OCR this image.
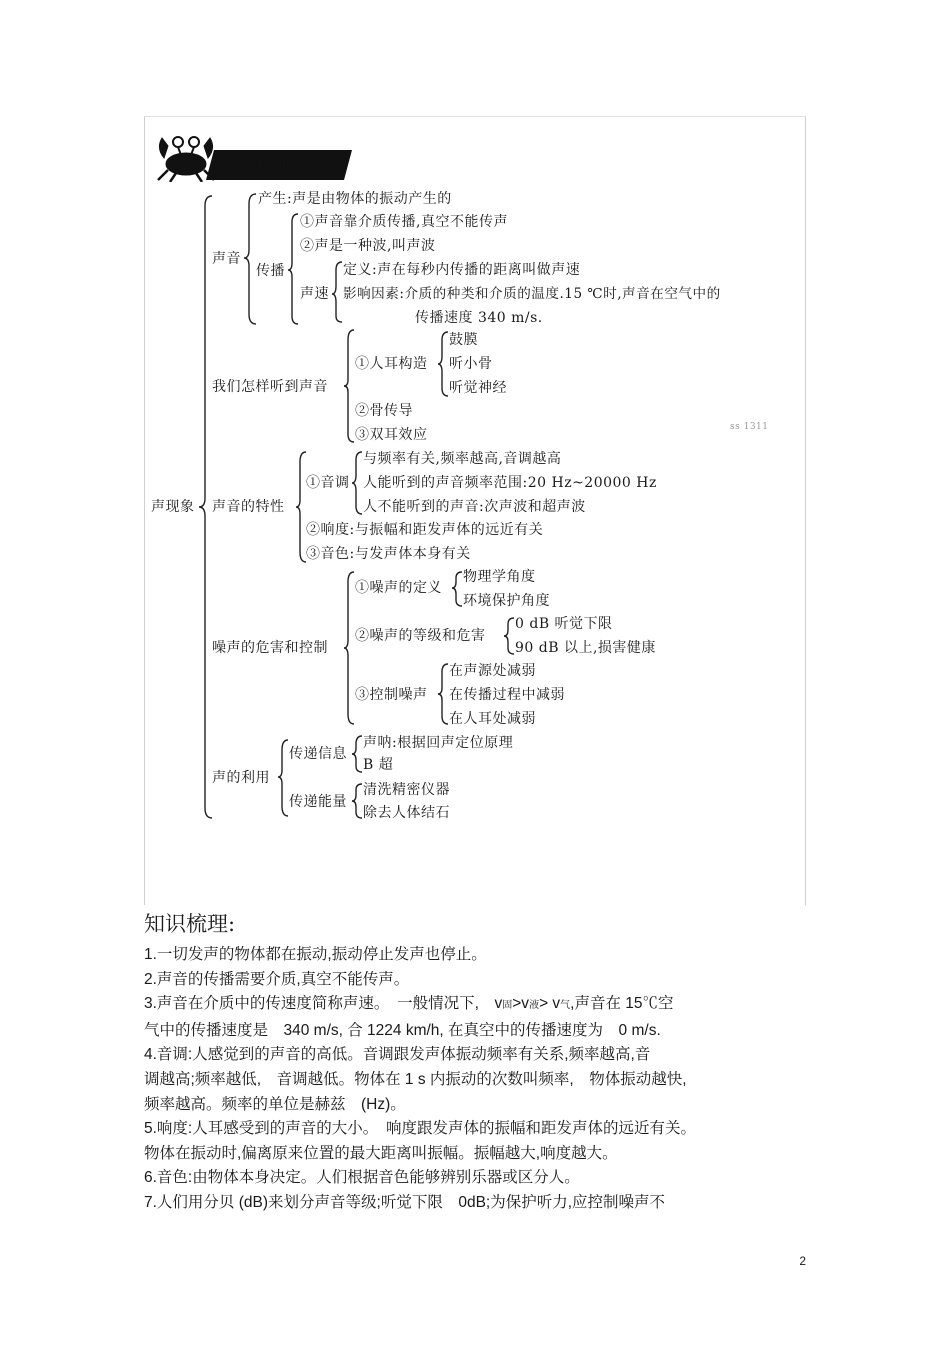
知识网络
声现象
声音
产生:声是由物体的振动产生的
传播
①声音靠介质传播,真空不能传声
②声是一种波,叫声波
声速
定义:声在每秒内传播的距离叫做声速
影响因素:介质的种类和介质的温度.15 ℃时,声音在空气中的
传播速度 340 m/s.
我们怎样听到声音
①人耳构造
鼓膜
听小骨
听觉神经
②骨传导
③双耳效应	ss 1311
声音的特性
①音调
与频率有关,频率越高,音调越高
人能听到的声音频率范围:20 Hz~20000 Hz
人不能听到的声音:次声波和超声波
②响度:与振幅和距发声体的远近有关
③音色:与发声体本身有关
噪声的危害和控制
①噪声的定义
物理学角度
环境保护角度
②噪声的等级和危害
0 dB 听觉下限
90 dB 以上,损害健康
③控制噪声
在声源处减弱
在传播过程中减弱
在人耳处减弱
声的利用
传递信息
声呐:根据回声定位原理
B 超
传递能量
清洗精密仪器
除去人体结石
知识梳理:

1.一切发声的物体都在振动,振动停止发声也停止。

2.声音的传播需要介质,真空不能传声。

3.声音在介质中的传速度简称声速。　一般情况下,　v固>v液> v气,声音在 15℃空

气中的传播速度是　340 m/s, 合 1224 km/h, 在真空中的传播速度为　0 m/s.

4.音调:人感觉到的声音的高低。音调跟发声体振动频率有关系,频率越高,音

调越高;频率越低,　音调越低。物体在 1 s 内振动的次数叫频率,　物体振动越快,

频率越高。频率的单位是赫兹　(Hz)。

5.响度:人耳感受到的声音的大小。　响度跟发声体的振幅和距发声体的远近有关。

物体在振动时,偏离原来位置的最大距离叫振幅。振幅越大,响度越大。

6.音色:由物体本身决定。人们根据音色能够辨别乐器或区分人。

7.人们用分贝 (dB)来划分声音等级;听觉下限　0dB;为保护听力,应控制噪声不

2
